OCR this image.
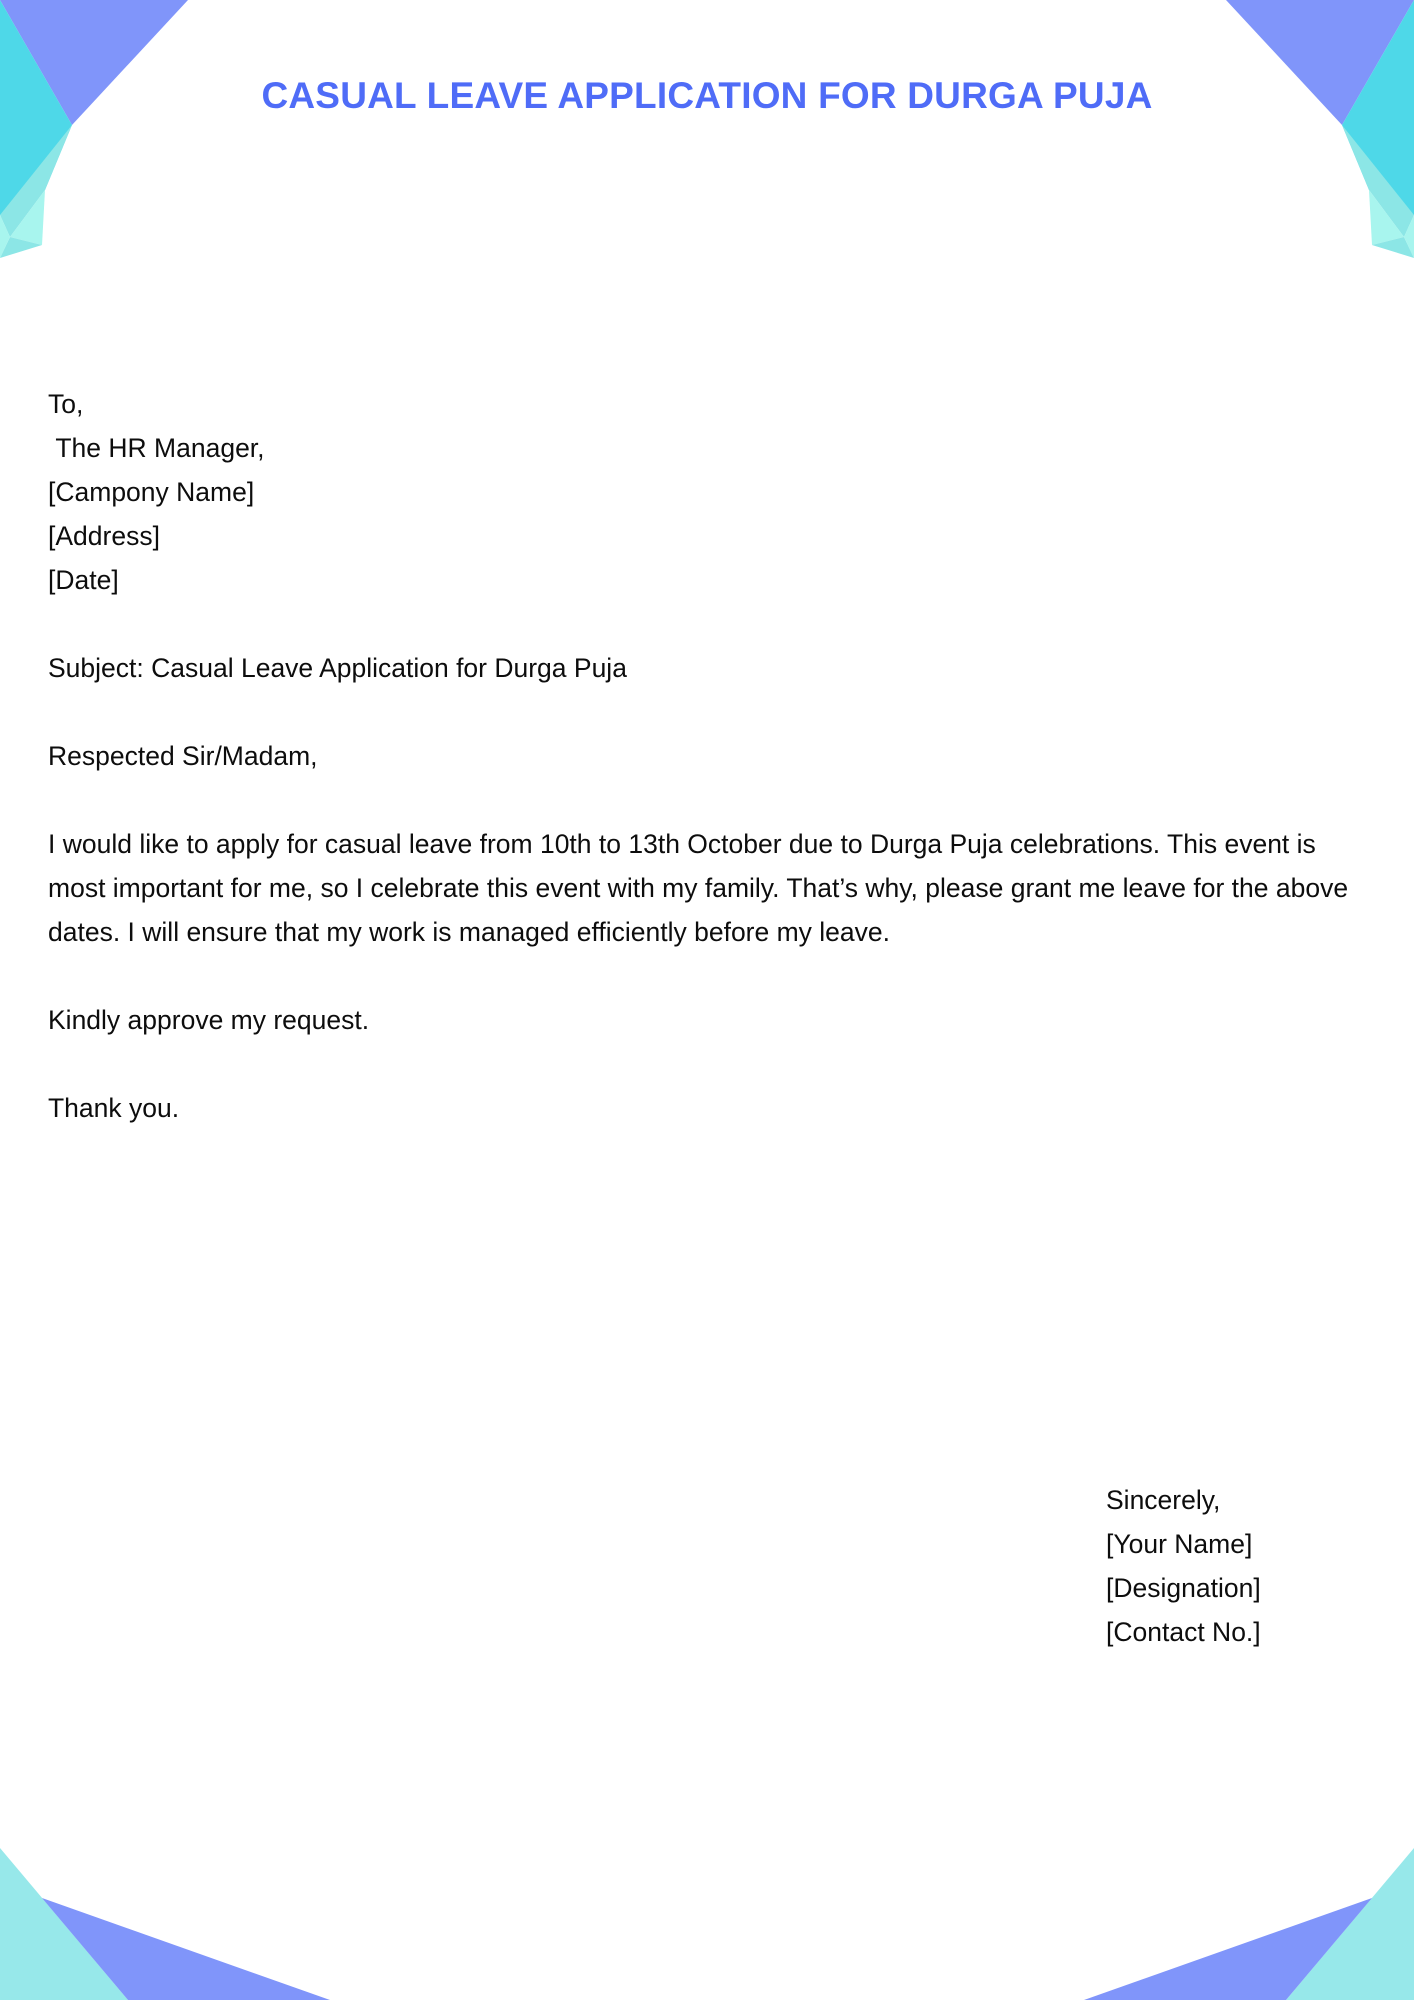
CASUAL LEAVE APPLICATION FOR DURGA PUJA
To,
The HR Manager,
[Campony Name]
[Address]
[Date]
Subject: Casual Leave Application for Durga Puja
Respected Sir/Madam,
I would like to apply for casual leave from 10th to 13th October due to Durga Puja celebrations. This event is most important for me, so I celebrate this event with my family. That’s why, please grant me leave for the above dates. I will ensure that my work is managed efficiently before my leave.
Kindly approve my request.
Thank you.
Sincerely,
[Your Name]
[Designation]
[Contact No.]
